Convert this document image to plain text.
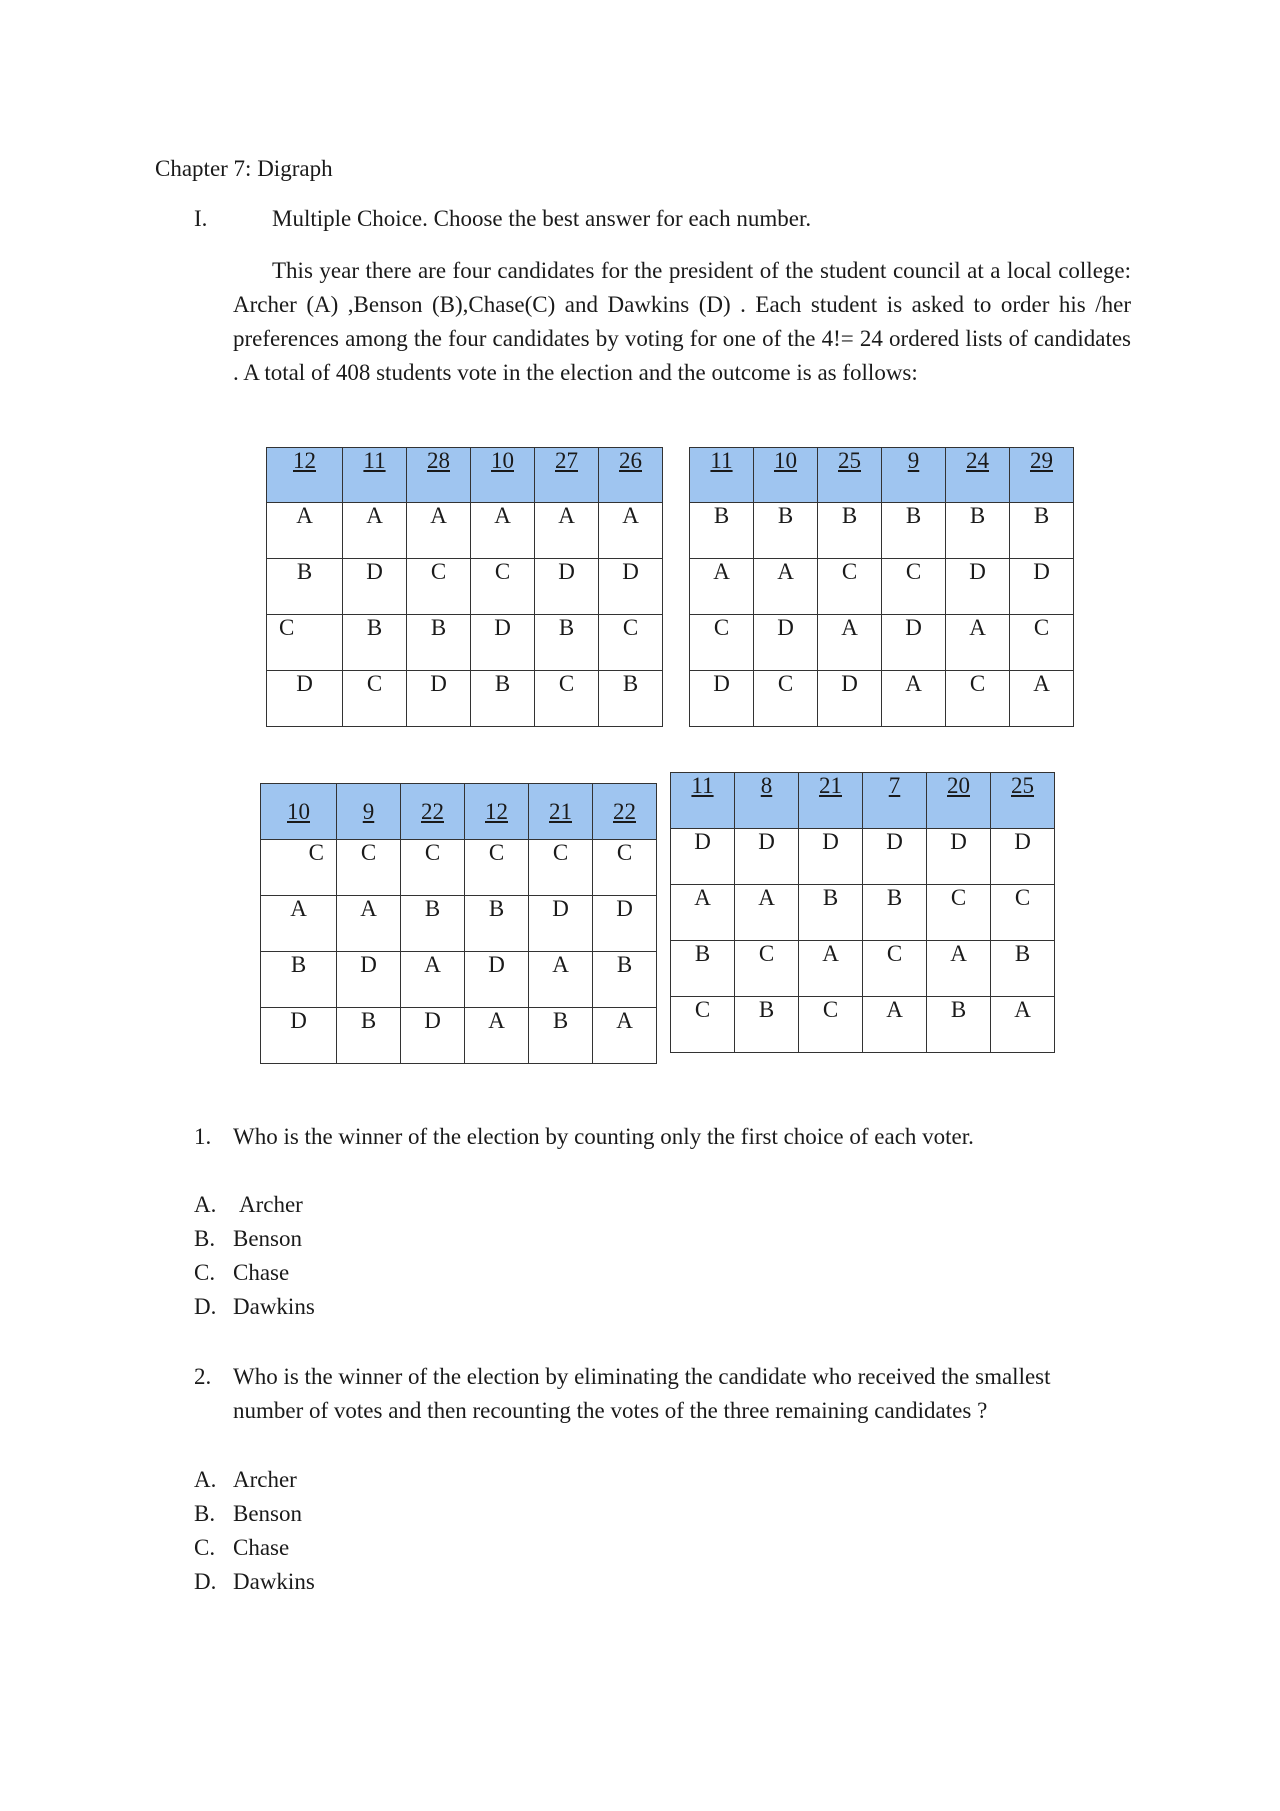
Chapter 7: Digraph
I.	Multiple Choice. Choose the best answer for each number.
This year there are four candidates for the president of the student council at a local college: Archer (A) ,Benson (B),Chase(C) and Dawkins (D) . Each student is asked to order his /her preferences among the four candidates by voting for one of the 4!= 24 ordered lists of candidates . A total of 408 students vote in the election and the outcome is as follows:
12	11	28	10	27	26
A	A	A	A	A	A
B	D	C	C	D	D
C	B	B	D	B	C
D	C	D	B	C	B
11	10	25	9	24	29
B	B	B	B	B	B
A	A	C	C	D	D
C	D	A	D	A	C
D	C	D	A	C	A
10	9	22	12	21	22
C	C	C	C	C	C
A	A	B	B	D	D
B	D	A	D	A	B
D	B	D	A	B	A
11	8	21	7	20	25
D	D	D	D	D	D
A	A	B	B	C	C
B	C	A	C	A	B
C	B	C	A	B	A
1. Who is the winner of the election by counting only the first choice of each voter.
A. Archer
B. Benson
C. Chase
D. Dawkins
2. Who is the winner of the election by eliminating the candidate who received the smallest number of votes and then recounting the votes of the three remaining candidates ?
A. Archer
B. Benson
C. Chase
D. Dawkins
